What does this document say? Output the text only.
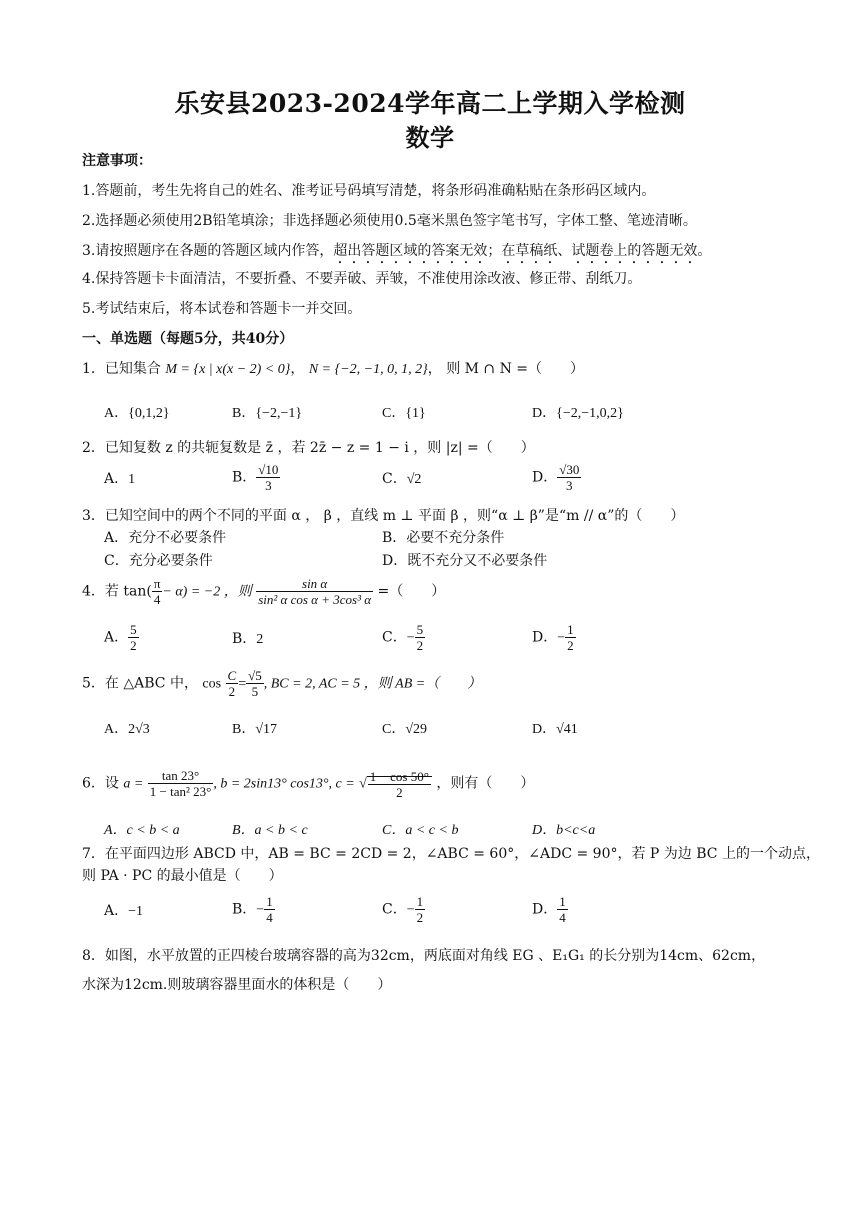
乐安县2023-2024学年高二上学期入学检测
数学
注意事项：
1.答题前，考生先将自己的姓名、准考证号码填写清楚，将条形码准确粘贴在条形码区域内。
2.选择题必须使用2B铅笔填涂；非选择题必须使用0.5毫米黑色签字笔书写，字体工整、笔迹清晰。
3.请按照题序在各题的答题区域内作答，超出答题区域的答案无效；在草稿纸、试题卷上的答题无效。
4.保持答题卡卡面清洁，不要折叠、不要弄破、弄皱，不准使用涂改液、修正带、刮纸刀。
5.考试结束后，将本试卷和答题卡一并交回。
一、单选题（每题5分，共40分）
1．已知集合 M = {x | x(x − 2) < 0}， N = {−2, −1, 0, 1, 2}， 则 M ∩ N =（　　）
A．{0,1,2}	B．{−2,−1}	C．{1}	D．{−2,−1,0,2}
2．已知复数 z 的共轭复数是 z̄ ，若 2z̄ − z = 1 − i ，则 |z| =（　　）
A．1	B． $\frac{√10}{3}$	C．√2	D． $\frac{√30}{3}$
3．已知空间中的两个不同的平面 α ， β ，直线 m ⊥ 平面 β ，则“α ⊥ β”是“m // α”的（　　）
A．充分不必要条件	B．必要不充分条件
C．充分必要条件	D．既不充分又不必要条件
4．若 $\tan( \frac{\pi}{4} - \alpha) = -2$ ，则 $\frac{\text{sin α}}{\text{sin² α cos α + 3cos³ α}}$ =（　　）
A． $\frac{5}{2}$	B．2	C．− $\frac{5}{2}$	D．− $\frac{1}{2}$
5．在 △ABC 中， $\cos \frac{C}{2} = \frac{√5}{5}$ , BC = 2, AC = 5 ，则 AB =（　　）
A．2√3	B．√17	C．√29	D．√41
6．设 $a = \frac{\tan 23^\circ}{\text{1 − tan² 23°}}$ , b = 2sin13° cos13°, c = √ $\frac{1 - \cos 50^\circ}{2}$ ，则有（　　）
A．c < b < a	B．a < b < c	C．a < c < b	D．b<c<a
7．在平面四边形 ABCD 中，AB = BC = 2CD = 2，∠ABC = 60°，∠ADC = 90°，若 P 为边 BC 上的一个动点，
则 PA · PC 的最小值是（　　）
A．−1	B．− $\frac{1}{4}$	C．− $\frac{1}{2}$	D． $\frac{1}{4}$
8．如图，水平放置的正四棱台玻璃容器的高为32cm，两底面对角线 EG 、E₁G₁ 的长分别为14cm、62cm，
水深为12cm.则玻璃容器里面水的体积是（　　）
